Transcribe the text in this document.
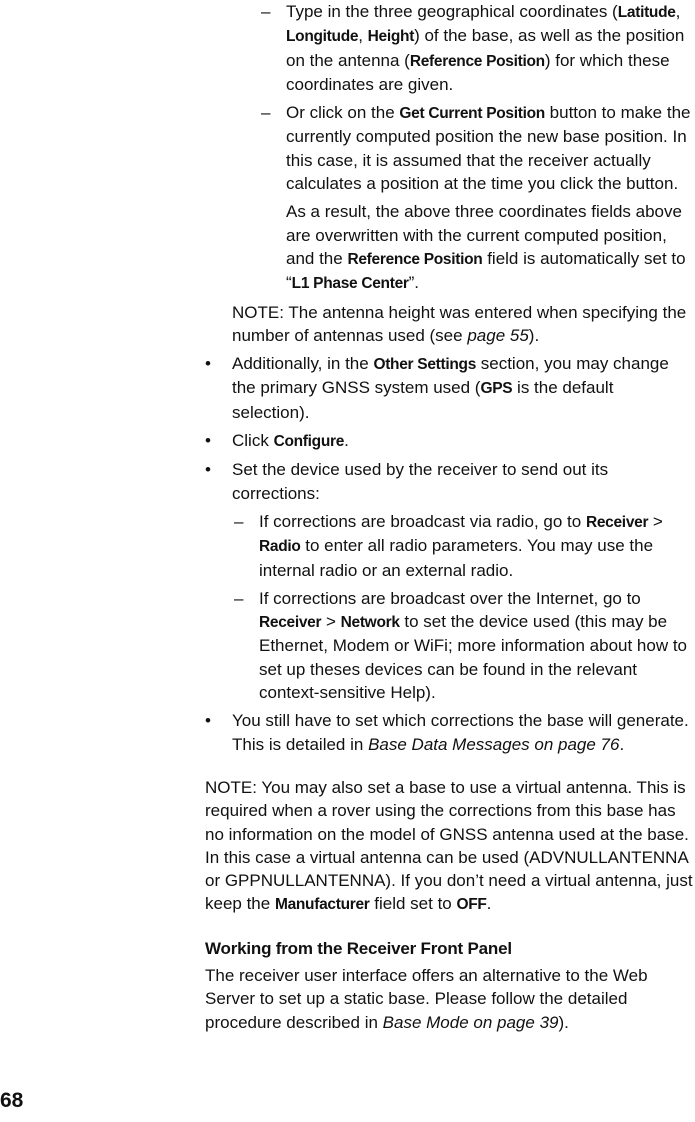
– Type in the three geographical coordinates (Latitude, Longitude, Height) of the base, as well as the position on the antenna (Reference Position) for which these coordinates are given.
– Or click on the Get Current Position button to make the currently computed position the new base position. In this case, it is assumed that the receiver actually calculates a position at the time you click the button.
As a result, the above three coordinates fields above are overwritten with the current computed position, and the Reference Position field is automatically set to “L1 Phase Center”.
NOTE: The antenna height was entered when specifying the number of antennas used (see page 55).
• Additionally, in the Other Settings section, you may change the primary GNSS system used (GPS is the default selection).
• Click Configure.
• Set the device used by the receiver to send out its corrections:
– If corrections are broadcast via radio, go to Receiver > Radio to enter all radio parameters. You may use the internal radio or an external radio.
– If corrections are broadcast over the Internet, go to Receiver > Network to set the device used (this may be Ethernet, Modem or WiFi; more information about how to set up theses devices can be found in the relevant context-sensitive Help).
• You still have to set which corrections the base will generate. This is detailed in Base Data Messages on page 76.
NOTE: You may also set a base to use a virtual antenna. This is required when a rover using the corrections from this base has no information on the model of GNSS antenna used at the base. In this case a virtual antenna can be used (ADVNULLANTENNA or GPPNULLANTENNA). If you don’t need a virtual antenna, just keep the Manufacturer field set to OFF.
Working from the Receiver Front Panel
The receiver user interface offers an alternative to the Web Server to set up a static base. Please follow the detailed procedure described in Base Mode on page 39).
68
